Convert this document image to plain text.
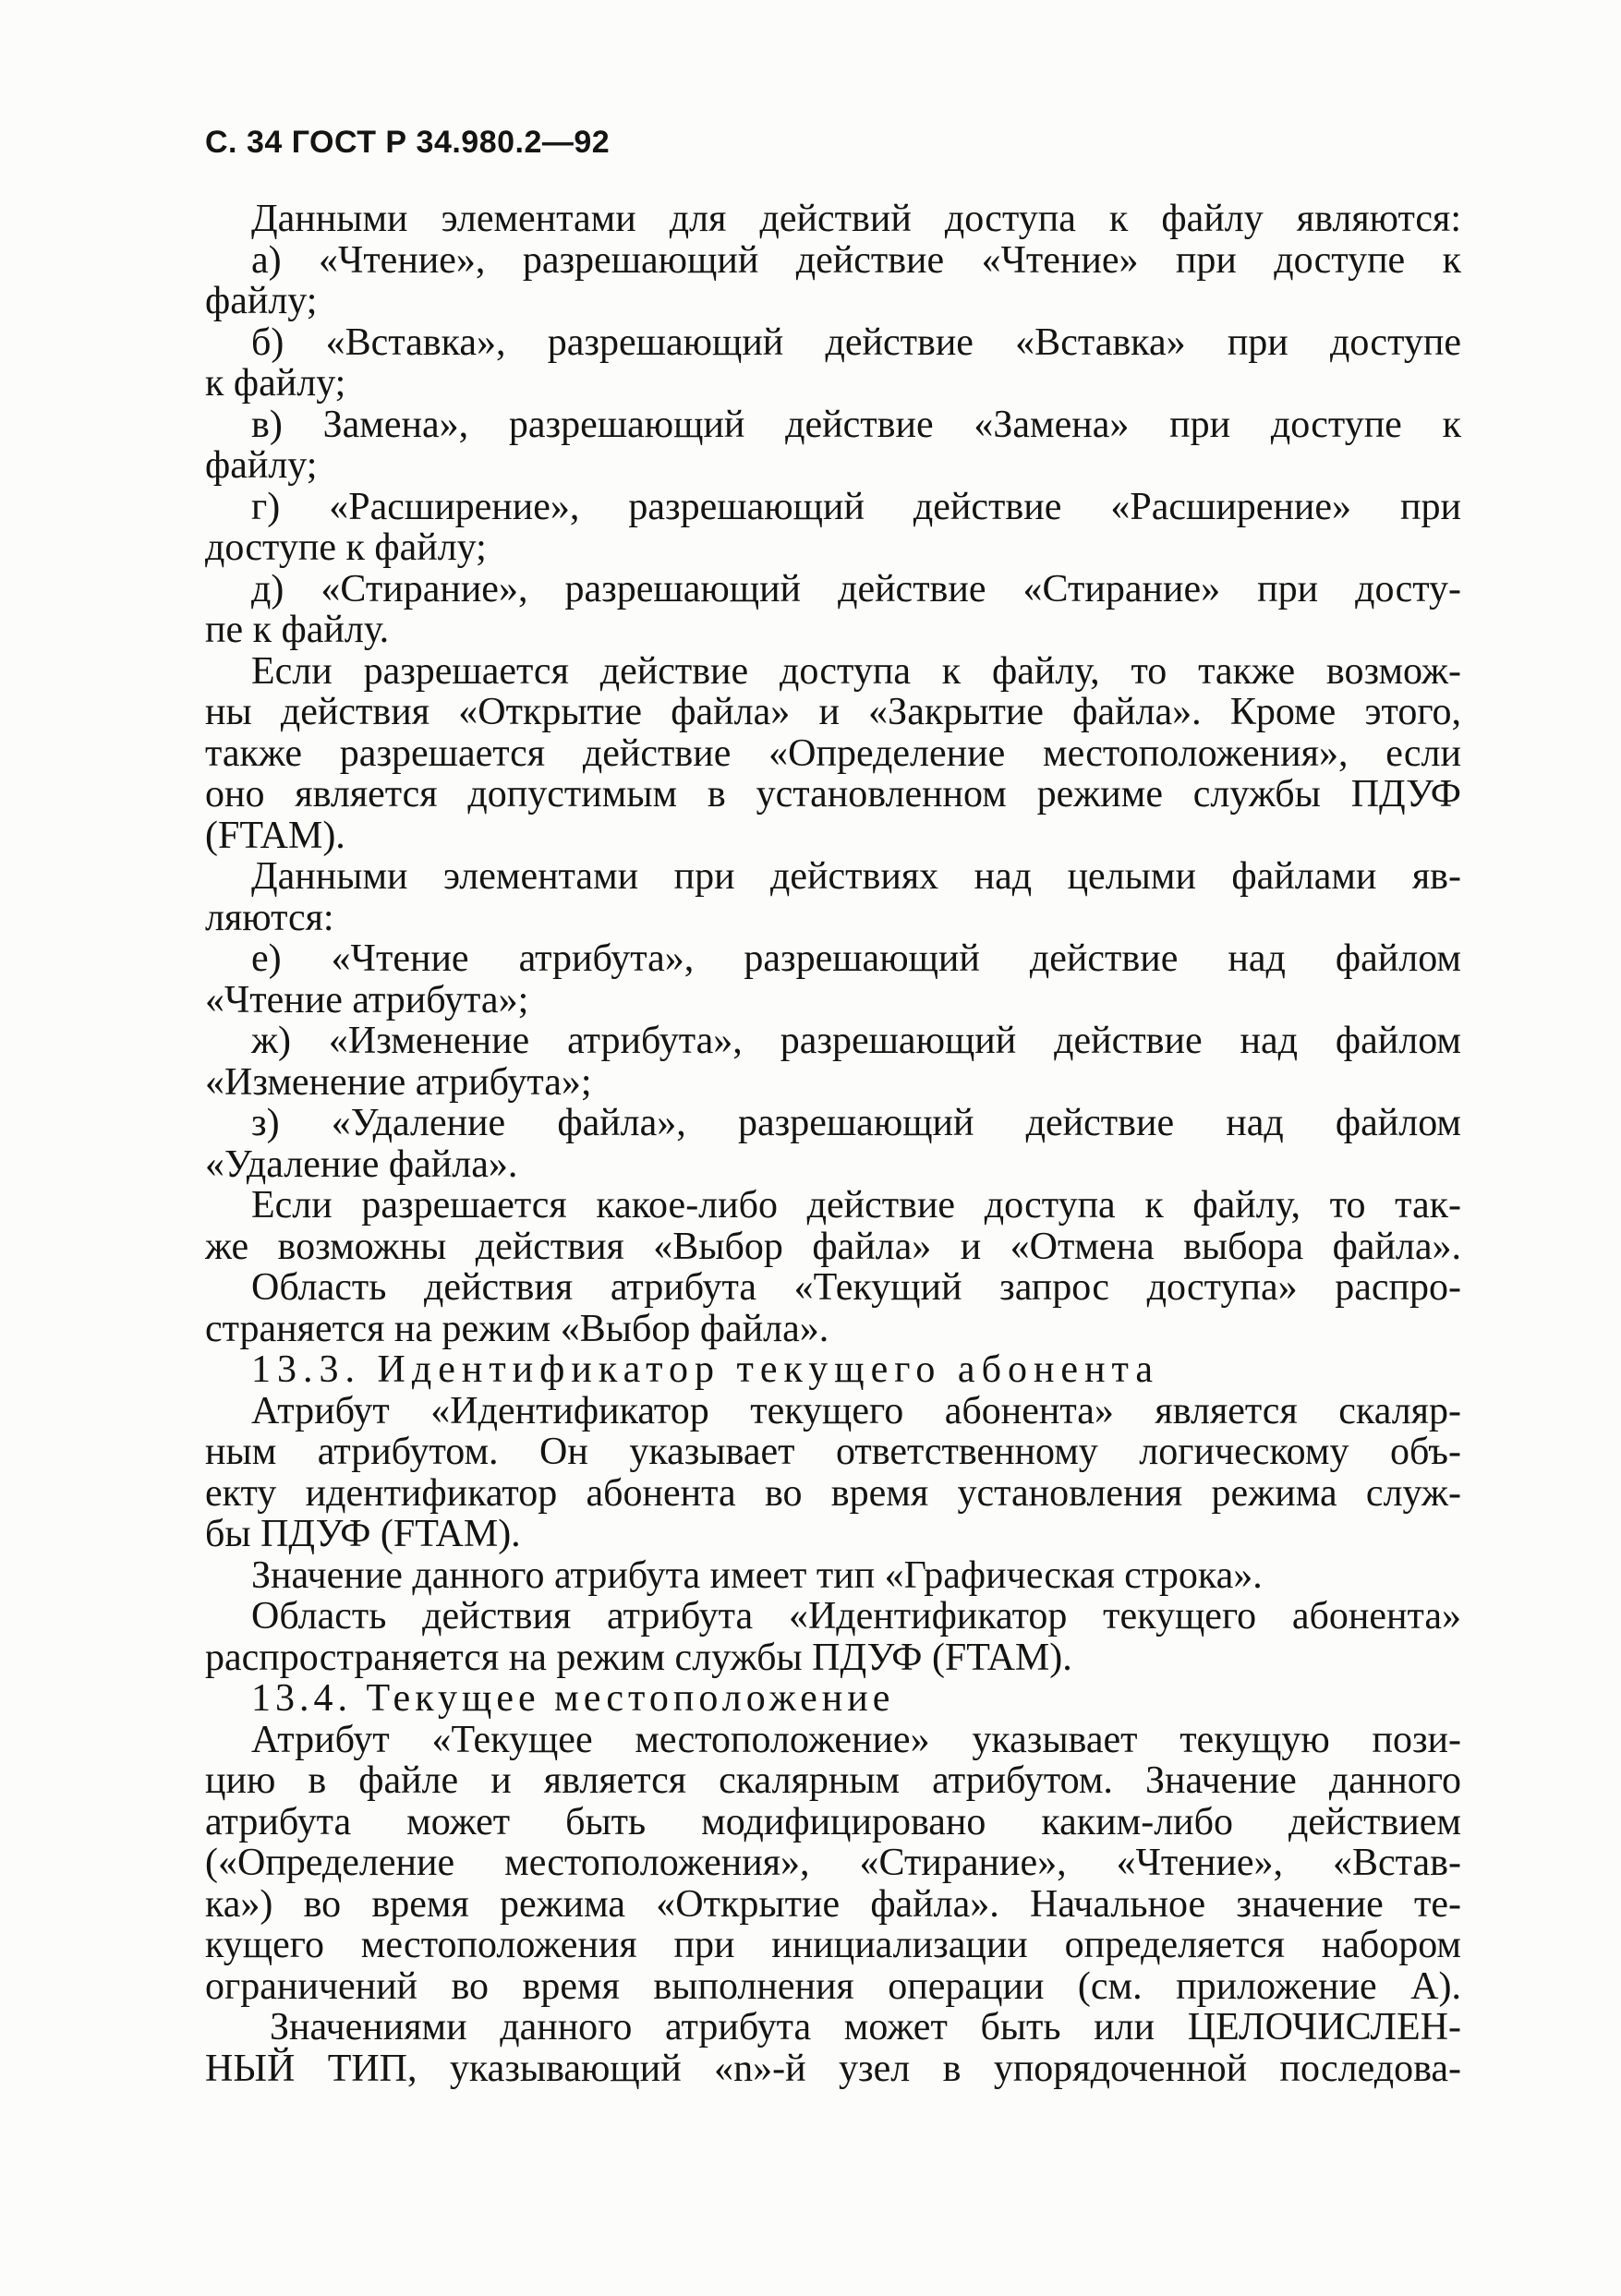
С. 34 ГОСТ Р 34.980.2—92
Данными элементами для действий доступа к файлу являются:
а) «Чтение», разрешающий действие «Чтение» при доступе к
файлу;
б) «Вставка», разрешающий действие «Вставка» при доступе
к файлу;
в) Замена», разрешающий действие «Замена» при доступе к
файлу;
г) «Расширение», разрешающий действие «Расширение» при
доступе к файлу;
д) «Стирание», разрешающий действие «Стирание» при досту-
пе к файлу.
Если разрешается действие доступа к файлу, то также возмож-
ны действия «Открытие файла» и «Закрытие файла». Кроме этого,
также разрешается действие «Определение местоположения», если
оно является допустимым в установленном режиме службы ПДУФ
(FTAM).
Данными элементами при действиях над целыми файлами яв-
ляются:
е) «Чтение атрибута», разрешающий действие над файлом
«Чтение атрибута»;
ж) «Изменение атрибута», разрешающий действие над файлом
«Изменение атрибута»;
з) «Удаление файла», разрешающий действие над файлом
«Удаление файла».
Если разрешается какое-либо действие доступа к файлу, то так-
же возможны действия «Выбор файла» и «Отмена выбора файла».
Область действия атрибута «Текущий запрос доступа» распро-
страняется на режим «Выбор файла».
13.3. Идентификатор текущего абонента
Атрибут «Идентификатор текущего абонента» является скаляр-
ным атрибутом. Он указывает ответственному логическому объ-
екту идентификатор абонента во время установления режима служ-
бы ПДУФ (FTAM).
Значение данного атрибута имеет тип «Графическая строка».
Область действия атрибута «Идентификатор текущего абонента»
распространяется на режим службы ПДУФ (FTAM).
13.4. Текущее местоположение
Атрибут «Текущее местоположение» указывает текущую пози-
цию в файле и является скалярным атрибутом. Значение данного
атрибута может быть модифицировано каким-либо действием
(«Определение местоположения», «Стирание», «Чтение», «Встав-
ка») во время режима «Открытие файла». Начальное значение те-
кущего местоположения при инициализации определяется набором
ограничений во время выполнения операции (см. приложение А).
Значениями данного атрибута может быть или ЦЕЛОЧИСЛЕН-
НЫЙ ТИП, указывающий «n»-й узел в упорядоченной последова-
